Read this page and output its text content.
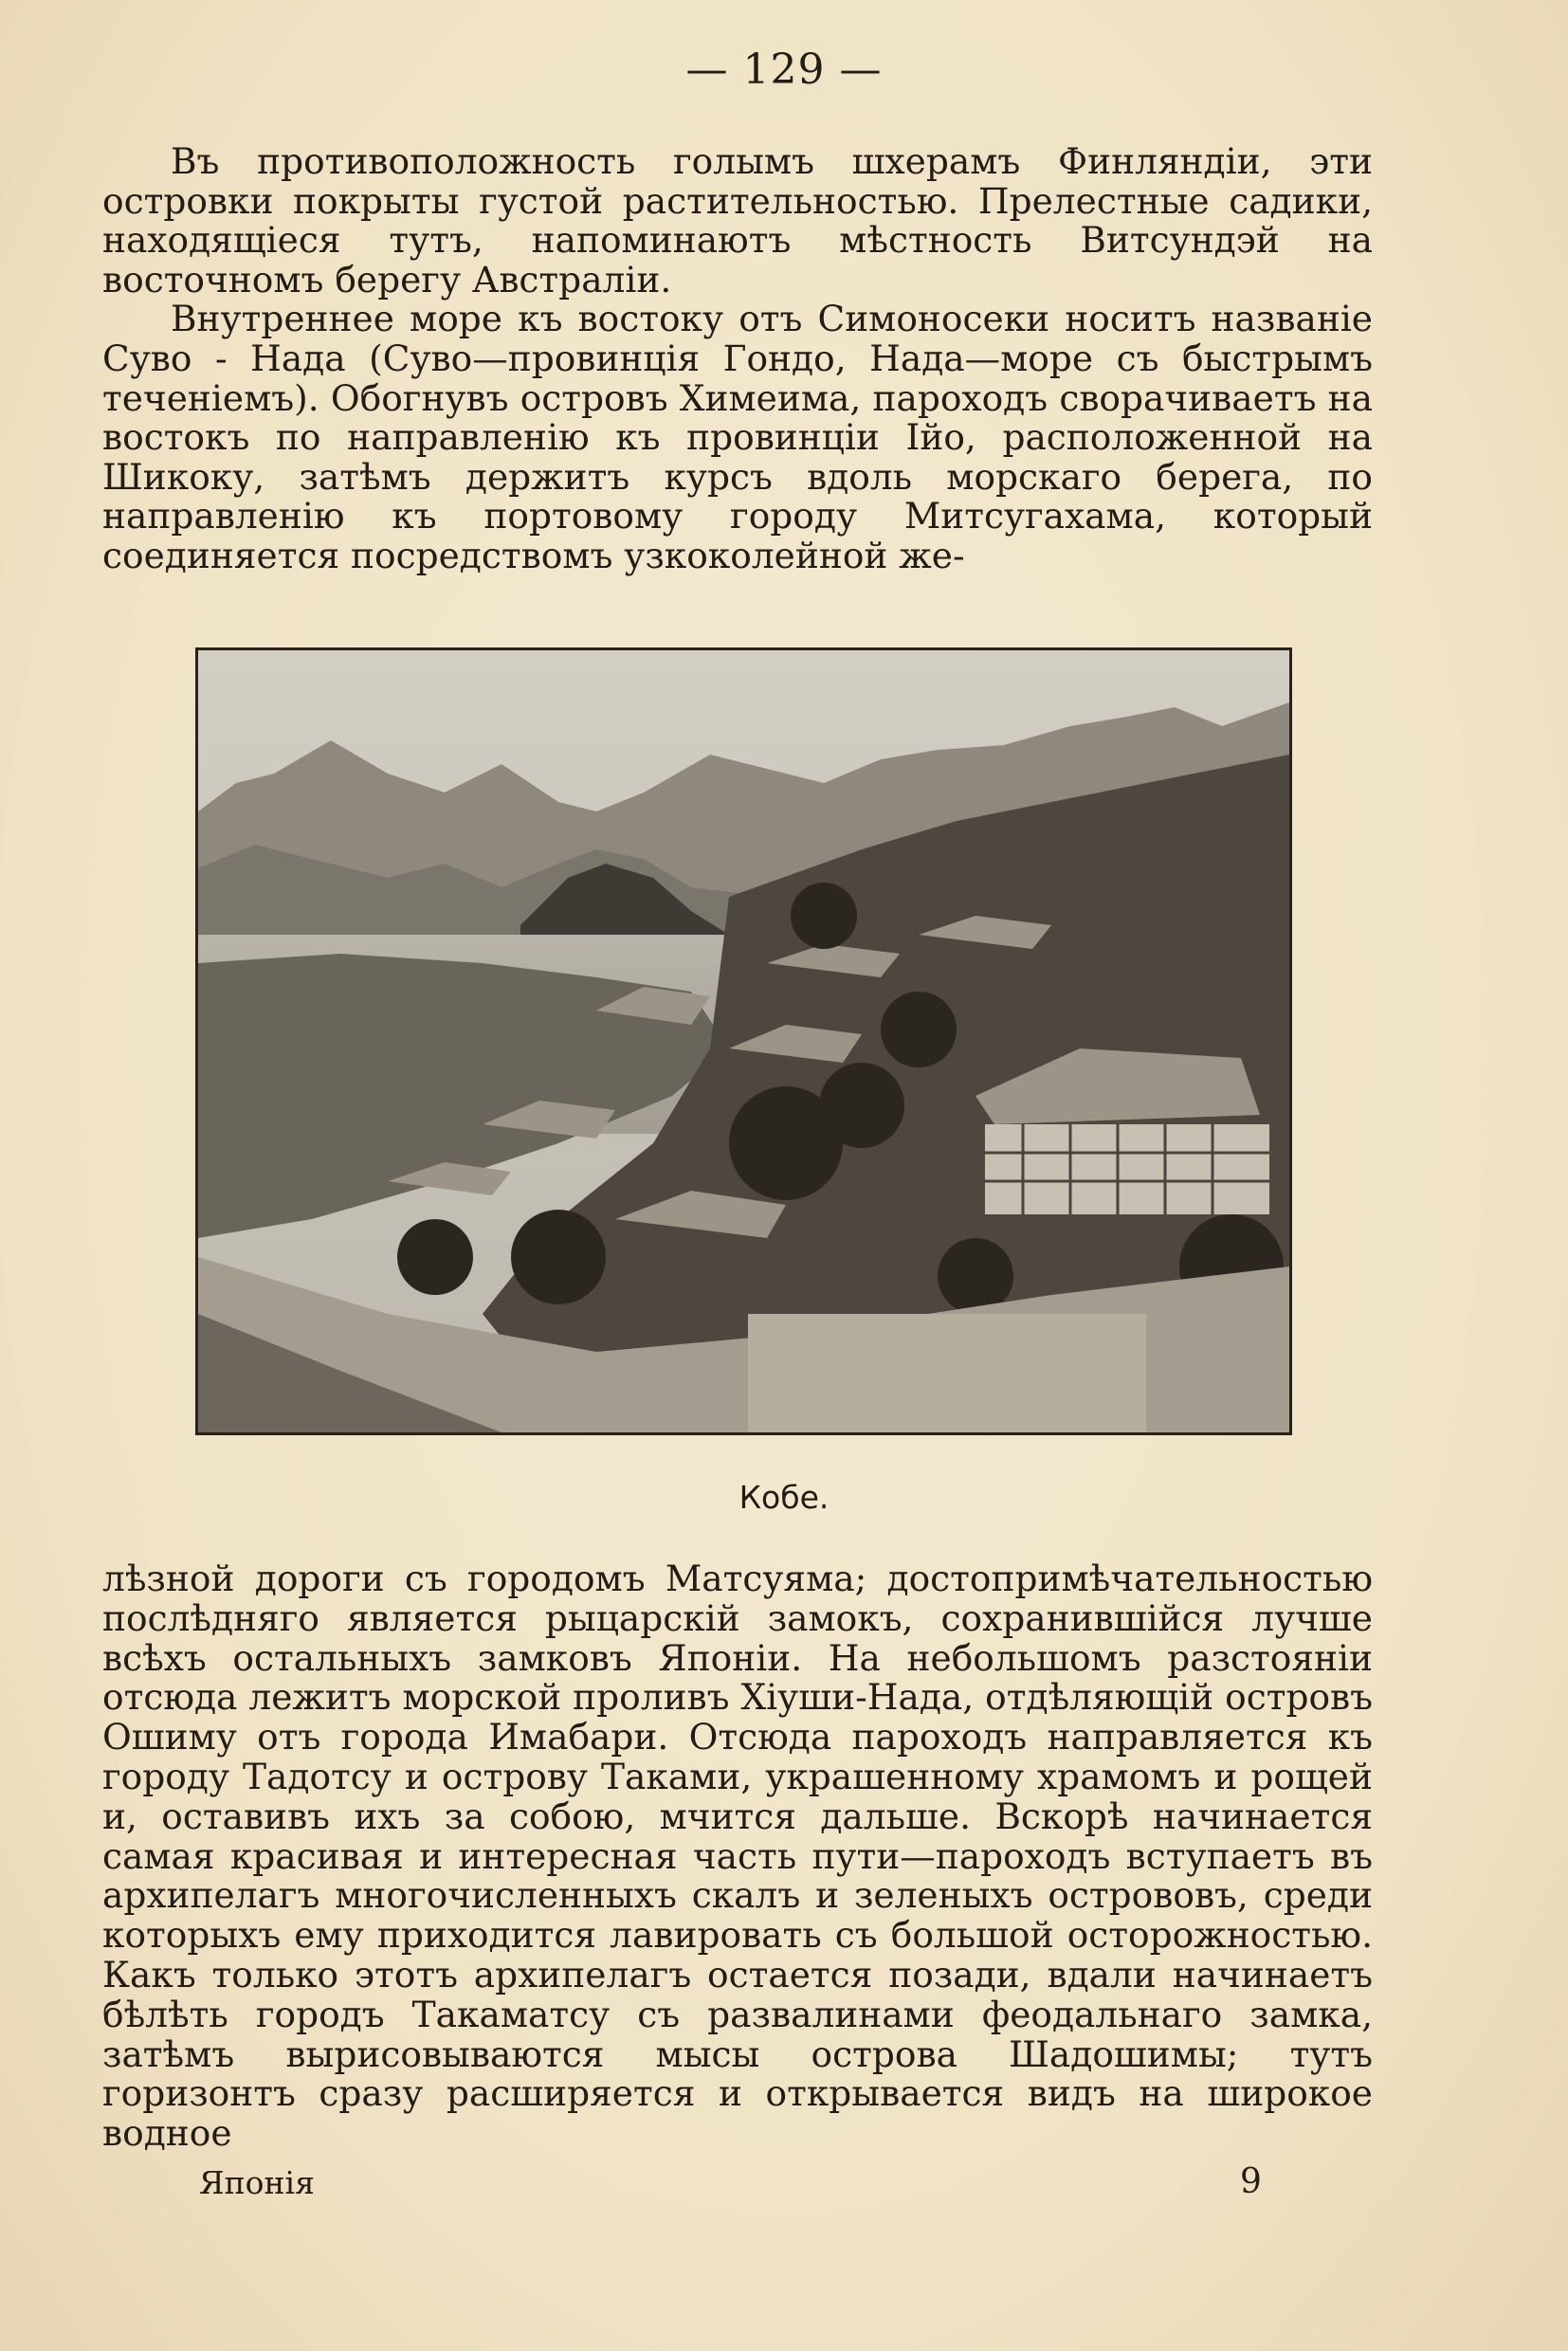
— 129 —

Въ противоположность голымъ шхерамъ Финляндіи, эти островки покрыты густой растительностью. Прелестные садики, находящіеся тутъ, напоминаютъ мѣстность Витсундэй на восточномъ берегу Австраліи.

Внутреннее море къ востоку отъ Симоносеки носитъ названіе Суво - Нада (Суво—провинція Гондо, Нада—море съ быстрымъ теченіемъ). Обогнувъ островъ Химеима, пароходъ сворачиваетъ на востокъ по направленію къ провинціи Ійо, расположенной на Шикоку, затѣмъ держитъ курсъ вдоль морскаго берега, по направленію къ портовому городу Митсугахама, который соединяется посредствомъ узкоколейной же-

Кобе.

лѣзной дороги съ городомъ Матсуяма; достопримѣчательностью послѣдняго является рыцарскій замокъ, сохранившійся лучше всѣхъ остальныхъ замковъ Японіи. На небольшомъ разстояніи отсюда лежитъ морской проливъ Хіуши-Нада, отдѣляющій островъ Ошиму отъ города Имабари. Отсюда пароходъ направляется къ городу Тадотсу и острову Таками, украшенному храмомъ и рощей и, оставивъ ихъ за собою, мчится дальше. Вскорѣ начинается самая красивая и интересная часть пути—пароходъ вступаетъ въ архипелагъ многочисленныхъ скалъ и зеленыхъ острововъ, среди которыхъ ему приходится лавировать съ большой осторожностью. Какъ только этотъ архипелагъ остается позади, вдали начинаетъ бѣлѣть городъ Такаматсу съ развалинами феодальнаго замка, затѣмъ вырисовываются мысы острова Шадошимы; тутъ горизонтъ сразу расширяется и открывается видъ на широкое водное

Японія	9
